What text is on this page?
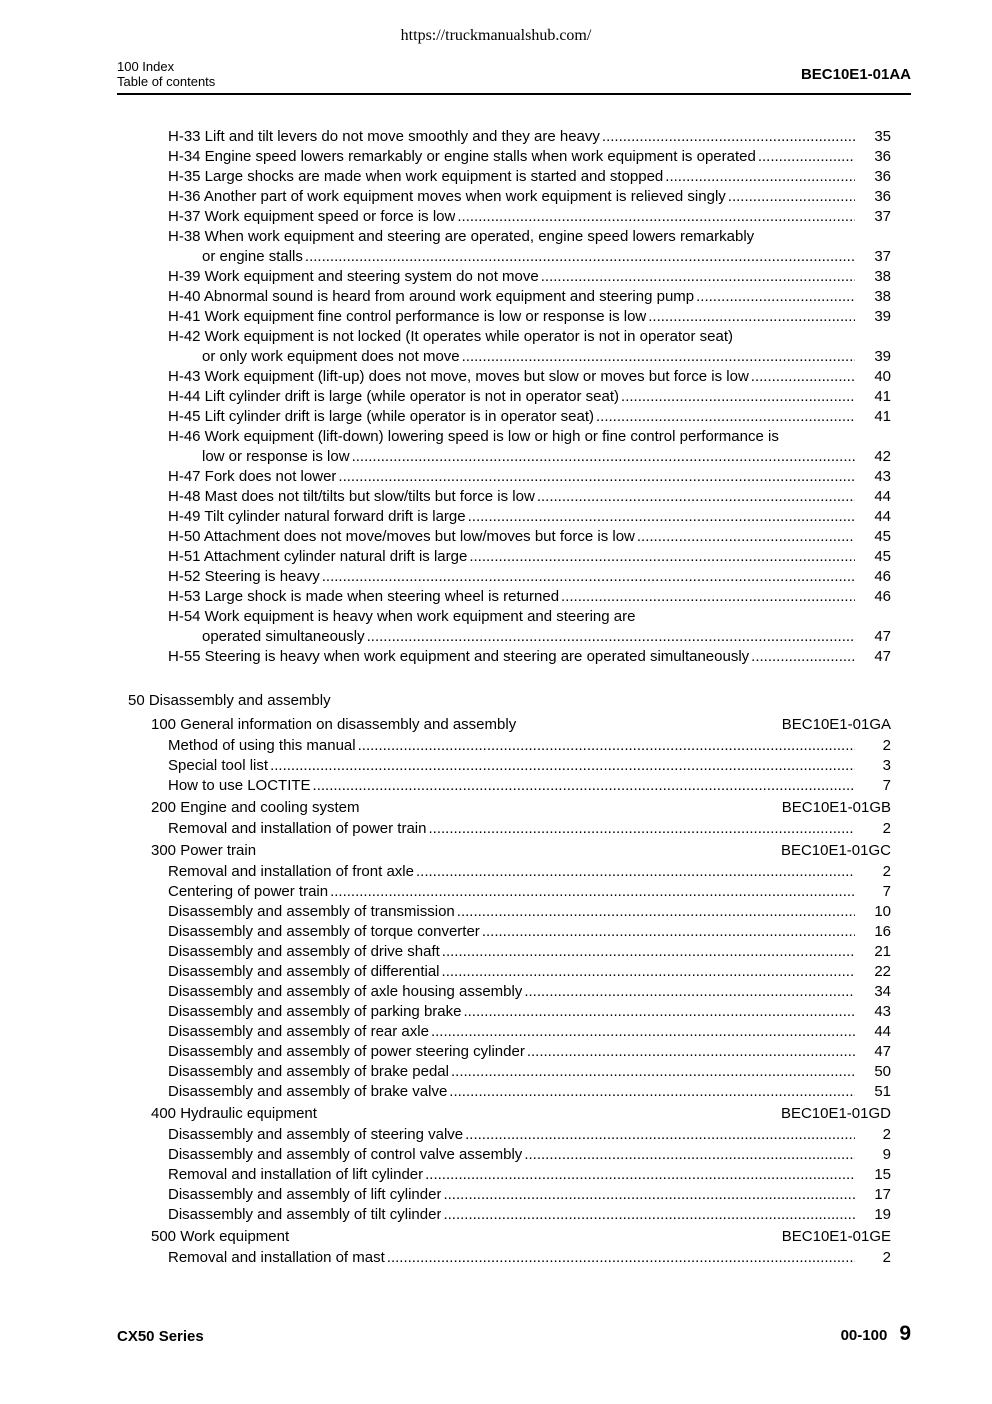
https://truckmanualshub.com/
100 Index
Table of contents	BEC10E1-01AA
H-33 Lift and tilt levers do not move smoothly and they are heavy .....	35
H-34 Engine speed lowers remarkably or engine stalls when work equipment is operated .....	36
H-35 Large shocks are made when work equipment is started and stopped .....	36
H-36 Another part of work equipment moves when work equipment is relieved singly .....	36
H-37 Work equipment speed or force is low .....	37
H-38 When work equipment and steering are operated, engine speed lowers remarkably
or engine stalls .....	37
H-39 Work equipment and steering system do not move .....	38
H-40 Abnormal sound is heard from around work equipment and steering pump .....	38
H-41 Work equipment fine control performance is low or response is low .....	39
H-42 Work equipment is not locked (It operates while operator is not in operator seat)
or only work equipment does not move .....	39
H-43 Work equipment (lift-up) does not move, moves but slow or moves but force is low .....	40
H-44 Lift cylinder drift is large (while operator is not in operator seat) .....	41
H-45 Lift cylinder drift is large (while operator is in operator seat) .....	41
H-46 Work equipment (lift-down) lowering speed is low or high or fine control performance is
low or response is low .....	42
H-47 Fork does not lower .....	43
H-48 Mast does not tilt/tilts but slow/tilts but force is low .....	44
H-49 Tilt cylinder natural forward drift is large .....	44
H-50 Attachment does not move/moves but low/moves but force is low .....	45
H-51 Attachment cylinder natural drift is large .....	45
H-52 Steering is heavy .....	46
H-53 Large shock is made when steering wheel is returned .....	46
H-54 Work equipment is heavy when work equipment and steering are
operated simultaneously .....	47
H-55 Steering is heavy when work equipment and steering are operated simultaneously .....	47
50 Disassembly and assembly
100 General information on disassembly and assembly	BEC10E1-01GA
Method of using this manual .....	2
Special tool list .....	3
How to use LOCTITE .....	7
200 Engine and cooling system	BEC10E1-01GB
Removal and installation of power train .....	2
300 Power train	BEC10E1-01GC
Removal and installation of front axle .....	2
Centering of power train .....	7
Disassembly and assembly of transmission .....	10
Disassembly and assembly of torque converter .....	16
Disassembly and assembly of drive shaft .....	21
Disassembly and assembly of differential .....	22
Disassembly and assembly of axle housing assembly .....	34
Disassembly and assembly of parking brake .....	43
Disassembly and assembly of rear axle .....	44
Disassembly and assembly of power steering cylinder .....	47
Disassembly and assembly of brake pedal .....	50
Disassembly and assembly of brake valve .....	51
400 Hydraulic equipment	BEC10E1-01GD
Disassembly and assembly of steering valve .....	2
Disassembly and assembly of control valve assembly .....	9
Removal and installation of lift cylinder .....	15
Disassembly and assembly of lift cylinder .....	17
Disassembly and assembly of tilt cylinder .....	19
500 Work equipment	BEC10E1-01GE
Removal and installation of mast .....	2
CX50 Series	00-100 9
